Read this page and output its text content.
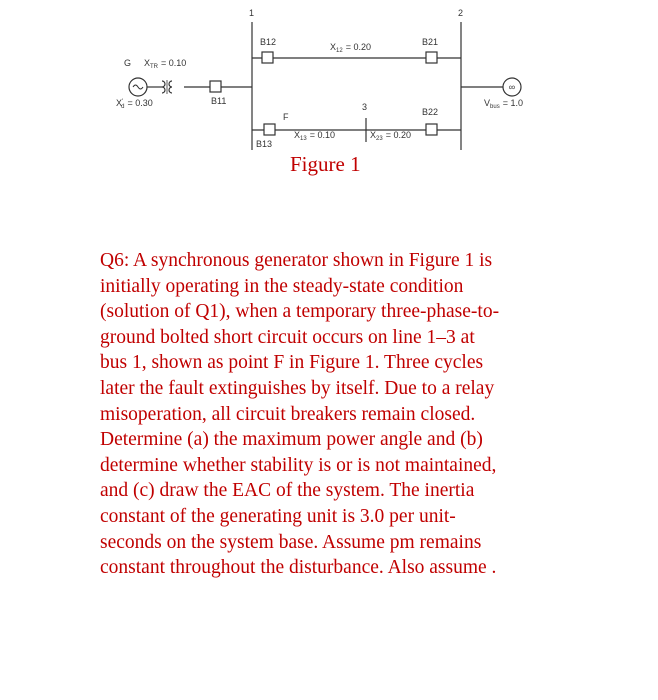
∞
1	2
3
B12	B21
B11
B22
B13
G $X_{TR} = 0.10$
X' d = 0.30
$X_{12} = 0.20$
$X_{13} = 0.10$	$X_{23} = 0.20$
F
$V_{bus} = 1.0$
Figure 1
Q6: A synchronous generator shown in Figure 1 is
initially operating in the steady-state condition
(solution of Q1), when a temporary three-phase-to-
ground bolted short circuit occurs on line 1–3 at
bus 1, shown as point F in Figure 1. Three cycles
later the fault extinguishes by itself. Due to a relay
misoperation, all circuit breakers remain closed.
Determine (a) the maximum power angle and (b)
determine whether stability is or is not maintained,
and (c) draw the EAC of the system. The inertia
constant of the generating unit is 3.0 per unit-
seconds on the system base. Assume pm remains
constant throughout the disturbance. Also assume .
